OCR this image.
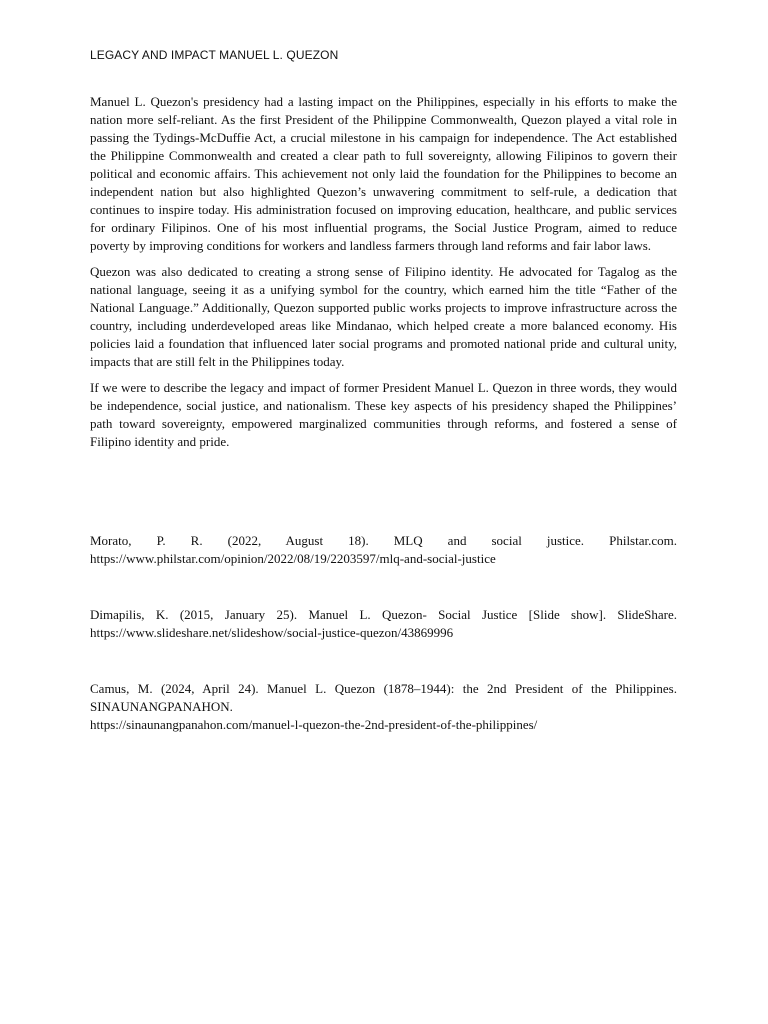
LEGACY AND IMPACT MANUEL L. QUEZON

Manuel L. Quezon's presidency had a lasting impact on the Philippines, especially in his efforts to make the nation more self-reliant. As the first President of the Philippine Commonwealth, Quezon played a vital role in passing the Tydings-McDuffie Act, a crucial milestone in his campaign for independence. The Act established the Philippine Commonwealth and created a clear path to full sovereignty, allowing Filipinos to govern their political and economic affairs. This achievement not only laid the foundation for the Philippines to become an independent nation but also highlighted Quezon’s unwavering commitment to self-rule, a dedication that continues to inspire today. His administration focused on improving education, healthcare, and public services for ordinary Filipinos. One of his most influential programs, the Social Justice Program, aimed to reduce poverty by improving conditions for workers and landless farmers through land reforms and fair labor laws.

Quezon was also dedicated to creating a strong sense of Filipino identity. He advocated for Tagalog as the national language, seeing it as a unifying symbol for the country, which earned him the title “Father of the National Language.” Additionally, Quezon supported public works projects to improve infrastructure across the country, including underdeveloped areas like Mindanao, which helped create a more balanced economy. His policies laid a foundation that influenced later social programs and promoted national pride and cultural unity, impacts that are still felt in the Philippines today.

If we were to describe the legacy and impact of former President Manuel L. Quezon in three words, they would be independence, social justice, and nationalism. These key aspects of his presidency shaped the Philippines’ path toward sovereignty, empowered marginalized communities through reforms, and fostered a sense of Filipino identity and pride.

Morato, P. R. (2022, August 18). MLQ and social justice. Philstar.com.
https://www.philstar.com/opinion/2022/08/19/2203597/mlq-and-social-justice
Dimapilis, K. (2015, January 25). Manuel L. Quezon- Social Justice [Slide show]. SlideShare.
https://www.slideshare.net/slideshow/social-justice-quezon/43869996
Camus, M. (2024, April 24). Manuel L. Quezon (1878–1944): the 2nd President of the Philippines.
SINAUNANGPANAHON.
https://sinaunangpanahon.com/manuel-l-quezon-the-2nd-president-of-the-philippines/
